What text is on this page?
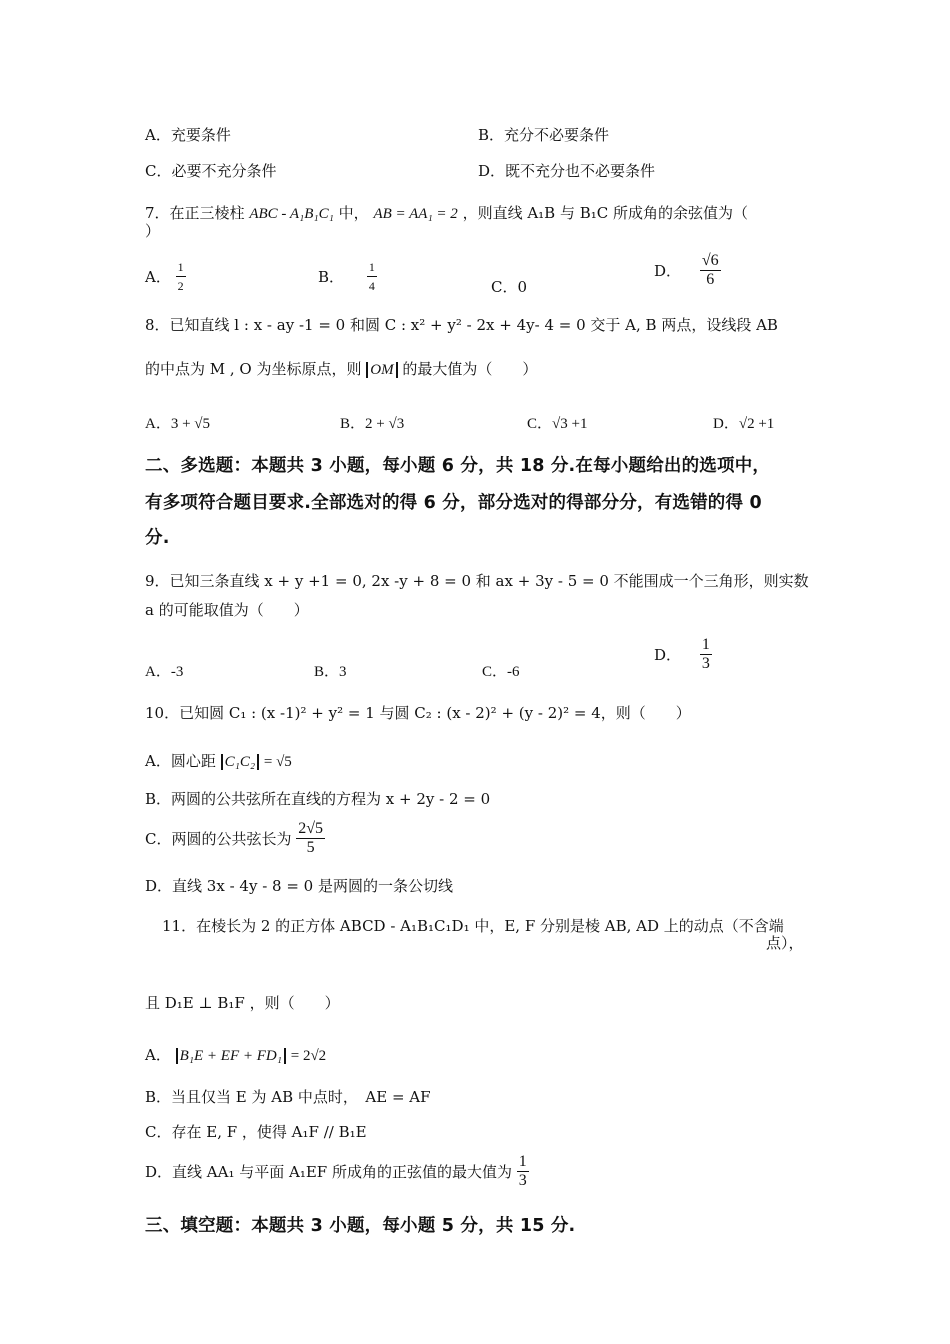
A．充要条件	B．充分不必要条件
C．必要不充分条件	D．既不充分也不必要条件
7．在正三棱柱 ABC - A₁B₁C₁ 中， AB = AA₁ = 2 ，则直线 A₁B 与 B₁C 所成角的余弦值为（
）
A． $\frac{1}{2}$	B． $\frac{1}{4}$	C．0
D． $\frac{√6}{6}$
8．已知直线 l : x - ay -1 = 0 和圆 C : x² + y² - 2x + 4y- 4 = 0 交于 A, B 两点，设线段 AB
的中点为 M , O 为坐标原点，则 OM 的最大值为（　　）
A．3 + √5	B．2 + √3	C．√3 +1	D．√2 +1
二、多选题：本题共 3 小题，每小题 6 分，共 18 分.在每小题给出的选项中，
有多项符合题目要求.全部选对的得 6 分，部分选对的得部分分，有选错的得 0
分.
9．已知三条直线 x + y +1 = 0, 2x -y + 8 = 0 和 ax + 3y - 5 = 0 不能围成一个三角形，则实数
a 的可能取值为（　　）
A．-3	B．3	C．-6
D． $\frac{1}{3}$
10．已知圆 C₁ : (x -1)² + y² = 1 与圆 C₂ : (x - 2)² + (y - 2)² = 4，则（　　）
A．圆心距 C₁C₂ = √5
B．两圆的公共弦所在直线的方程为 x + 2y - 2 = 0
C．两圆的公共弦长为 $\frac{2√5}{5}$
D．直线 3x - 4y - 8 = 0 是两圆的一条公切线
11．在棱长为 2 的正方体 ABCD - A₁B₁C₁D₁ 中，E, F 分别是棱 AB, AD 上的动点（不含端
点），
且 D₁E ⊥ B₁F ，则（　　）
A． B₁E + EF + FD₁ = 2√2
B．当且仅当 E 为 AB 中点时，　AE = AF
C．存在 E, F ，使得 A₁F // B₁E
D．直线 AA₁ 与平面 A₁EF 所成角的正弦值的最大值为 $\frac{1}{3}$
三、填空题：本题共 3 小题，每小题 5 分，共 15 分.
